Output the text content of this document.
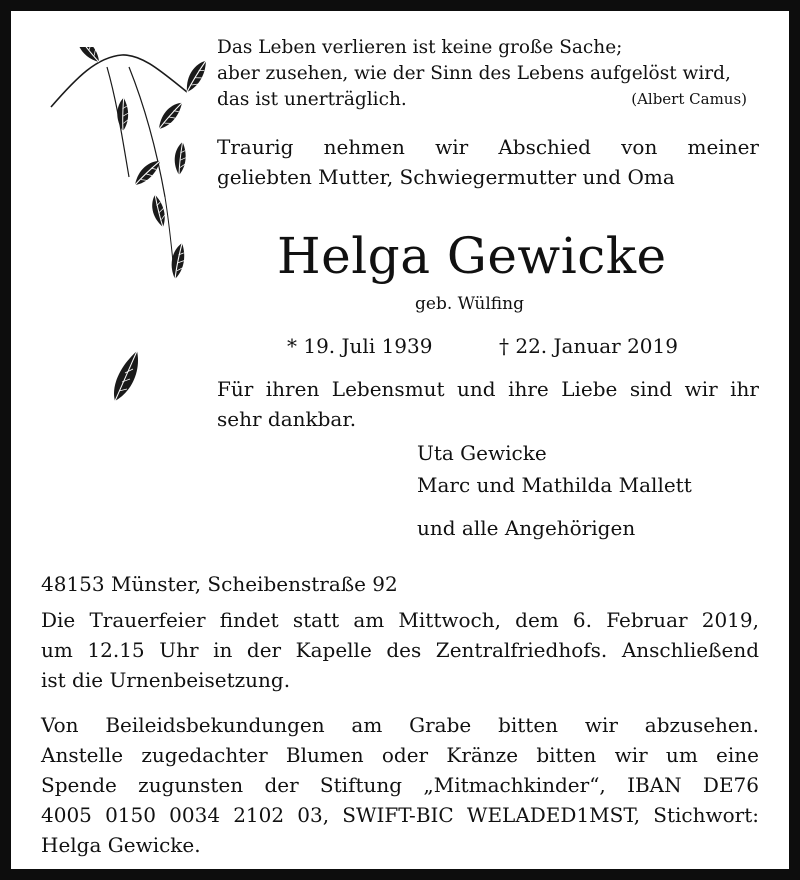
Das Leben verlieren ist keine große Sache;
aber zusehen, wie der Sinn des Lebens aufgelöst wird,
das ist unerträglich.	(Albert Camus)
Traurig nehmen wir Abschied von meiner
geliebten Mutter, Schwiegermutter und Oma
Helga Gewicke
geb. Wülfing
* 19. Juli 1939	† 22. Januar 2019
Für ihren Lebensmut und ihre Liebe sind wir ihr
sehr dankbar.
Uta Gewicke
Marc und Mathilda Mallett
und alle Angehörigen
48153 Münster, Scheibenstraße 92
Die Trauerfeier findet statt am Mittwoch, dem 6. Februar 2019,
um 12.15 Uhr in der Kapelle des Zentralfriedhofs. Anschließend
ist die Urnenbeisetzung.
Von Beileidsbekundungen am Grabe bitten wir abzusehen.
Anstelle zugedachter Blumen oder Kränze bitten wir um eine
Spende zugunsten der Stiftung „Mitmachkinder“, IBAN DE76
4005 0150 0034 2102 03, SWIFT-BIC WELADED1MST, Stichwort:
Helga Gewicke.
